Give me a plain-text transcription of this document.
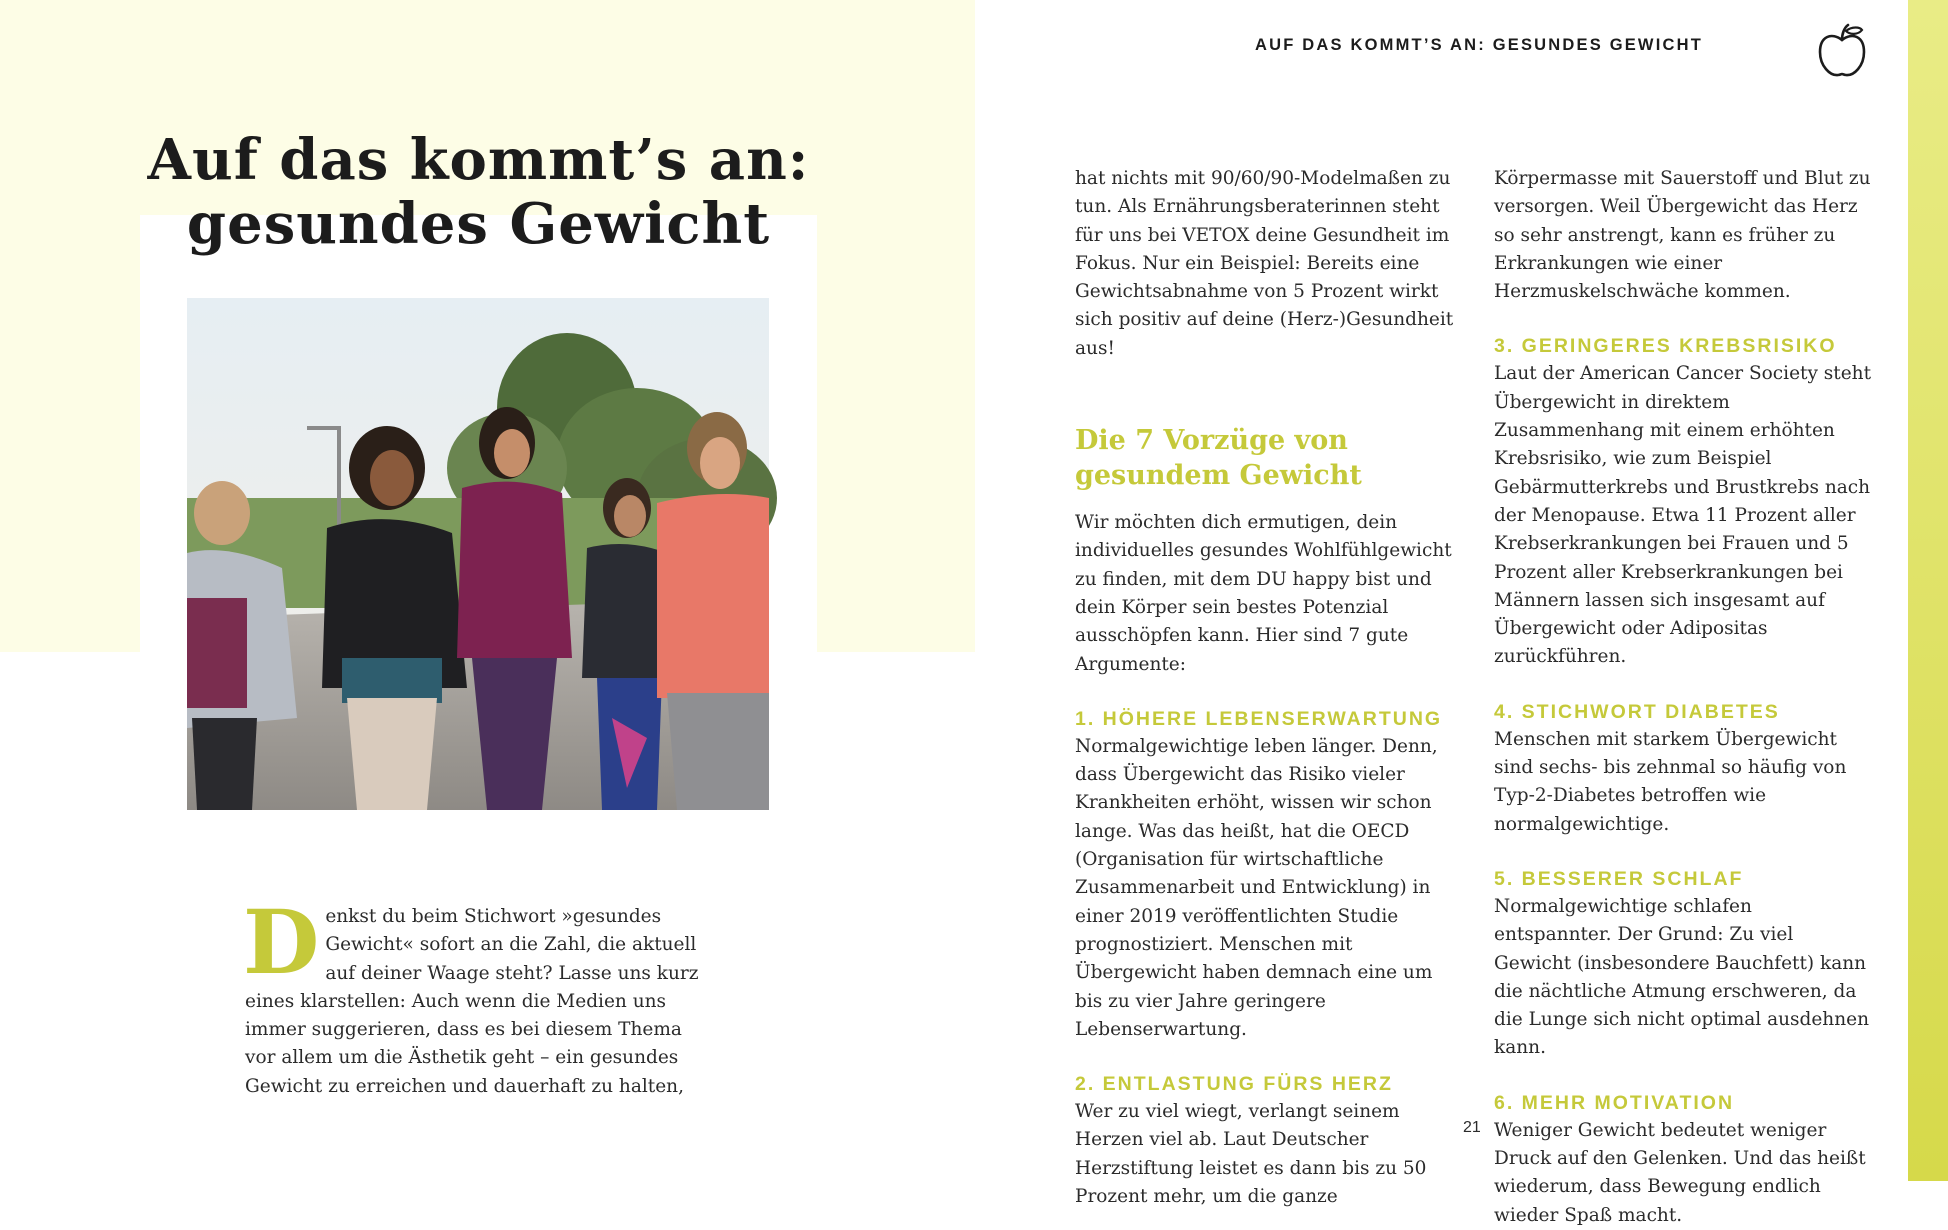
Auf das kommt’s an:
gesundes Gewicht
Denkst du beim Stichwort »gesundes Gewicht« sofort an die Zahl, die aktuell auf deiner Waage steht? Lasse uns kurz eines klarstellen: Auch wenn die Medien uns immer suggerieren, dass es bei diesem Thema vor allem um die Ästhetik geht – ein gesundes Gewicht zu erreichen und dauerhaft zu halten,
AUF DAS KOMMT’S AN: GESUNDES GEWICHT

hat nichts mit 90/60/90-Modelmaßen zu tun. Als Ernährungsberaterinnen steht für uns bei VETOX deine Gesundheit im Fokus. Nur ein Beispiel: Bereits eine Gewichtsabnahme von 5 Prozent wirkt sich positiv auf deine (Herz-)Gesundheit aus!

Die 7 Vorzüge von
gesundem Gewicht

Wir möchten dich ermutigen, dein individuelles gesundes Wohlfühlgewicht zu finden, mit dem DU happy bist und dein Körper sein bestes Potenzial ausschöpfen kann. Hier sind 7 gute Argumente:

1. HÖHERE LEBENSERWARTUNG

Normalgewichtige leben länger. Denn, dass Übergewicht das Risiko vieler Krankheiten erhöht, wissen wir schon lange. Was das heißt, hat die OECD (Organisation für wirtschaftliche Zusammenarbeit und Entwicklung) in einer 2019 veröffentlichten Studie prognostiziert. Menschen mit Übergewicht haben demnach eine um bis zu vier Jahre geringere Lebenserwartung.

2. ENTLASTUNG FÜRS HERZ

Wer zu viel wiegt, verlangt seinem Herzen viel ab. Laut Deutscher Herzstiftung leistet es dann bis zu 50 Prozent mehr, um die ganze

Körpermasse mit Sauerstoff und Blut zu versorgen. Weil Übergewicht das Herz so sehr anstrengt, kann es früher zu Erkrankungen wie einer Herzmuskelschwäche kommen.

3. GERINGERES KREBSRISIKO

Laut der American Cancer Society steht Übergewicht in direktem Zusammenhang mit einem erhöhten Krebsrisiko, wie zum Beispiel Gebärmutterkrebs und Brustkrebs nach der Menopause. Etwa 11 Prozent aller Krebserkrankungen bei Frauen und 5 Prozent aller Krebserkrankungen bei Männern lassen sich insgesamt auf Übergewicht oder Adipositas zurückführen.

4. STICHWORT DIABETES

Menschen mit starkem Übergewicht sind sechs- bis zehnmal so häufig von Typ-2-Diabetes betroffen wie normalgewichtige.

5. BESSERER SCHLAF

Normalgewichtige schlafen entspannter. Der Grund: Zu viel Gewicht (insbesondere Bauchfett) kann die nächtliche Atmung erschweren, da die Lunge sich nicht optimal ausdehnen kann.

6. MEHR MOTIVATION

Weniger Gewicht bedeutet weniger Druck auf den Gelenken. Und das heißt wiederum, dass Bewegung endlich wieder Spaß macht.

21
